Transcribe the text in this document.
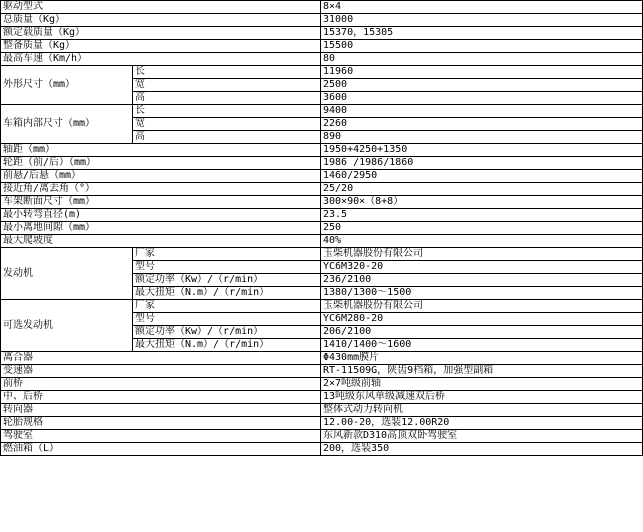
驱动型式		8×4
总质量（Kg）		31000
额定载质量（Kg）		15370，15305
整备质量（Kg）		15500
最高车速（Km/h）		80
外形尺寸（mm）	长	11960
	宽	2500
	高	3600
车箱内部尺寸（mm）	长	9400
	宽	2260
	高	890
轴距（mm）		1950+4250+1350
轮距（前/后）（mm）		1986 /1986/1860
前悬/后悬（mm）		1460/2950
接近角/离去角（°）		25/20
车架断面尺寸（mm）		300×90×（8+8）
最小转弯直径(m)		23.5
最小离地间隙（mm）		250
最大爬坡度		40%
发动机	厂家	玉柴机器股份有限公司
	型号	YC6M320-20
	额定功率（Kw）/（r/min）	236/2100
	最大扭矩（N.m）/（r/min）	1380/1300～1500
可选发动机	厂家	玉柴机器股份有限公司
	型号	YC6M280-20
	额定功率（Kw）/（r/min）	206/2100
	最大扭矩（N.m）/（r/min）	1410/1400～1600
离合器		Φ430mm膜片
变速器		RT-11509G，陕齿9档箱，加强型副箱
前桥		2×7吨级前轴
中、后桥		13吨级东风单级减速双后桥
转向器		整体式动力转向机
轮胎规格		12.00-20，选装12.00R20
驾驶室		东风新款D310高顶双卧驾驶室
燃油箱（L）		200，选装350
